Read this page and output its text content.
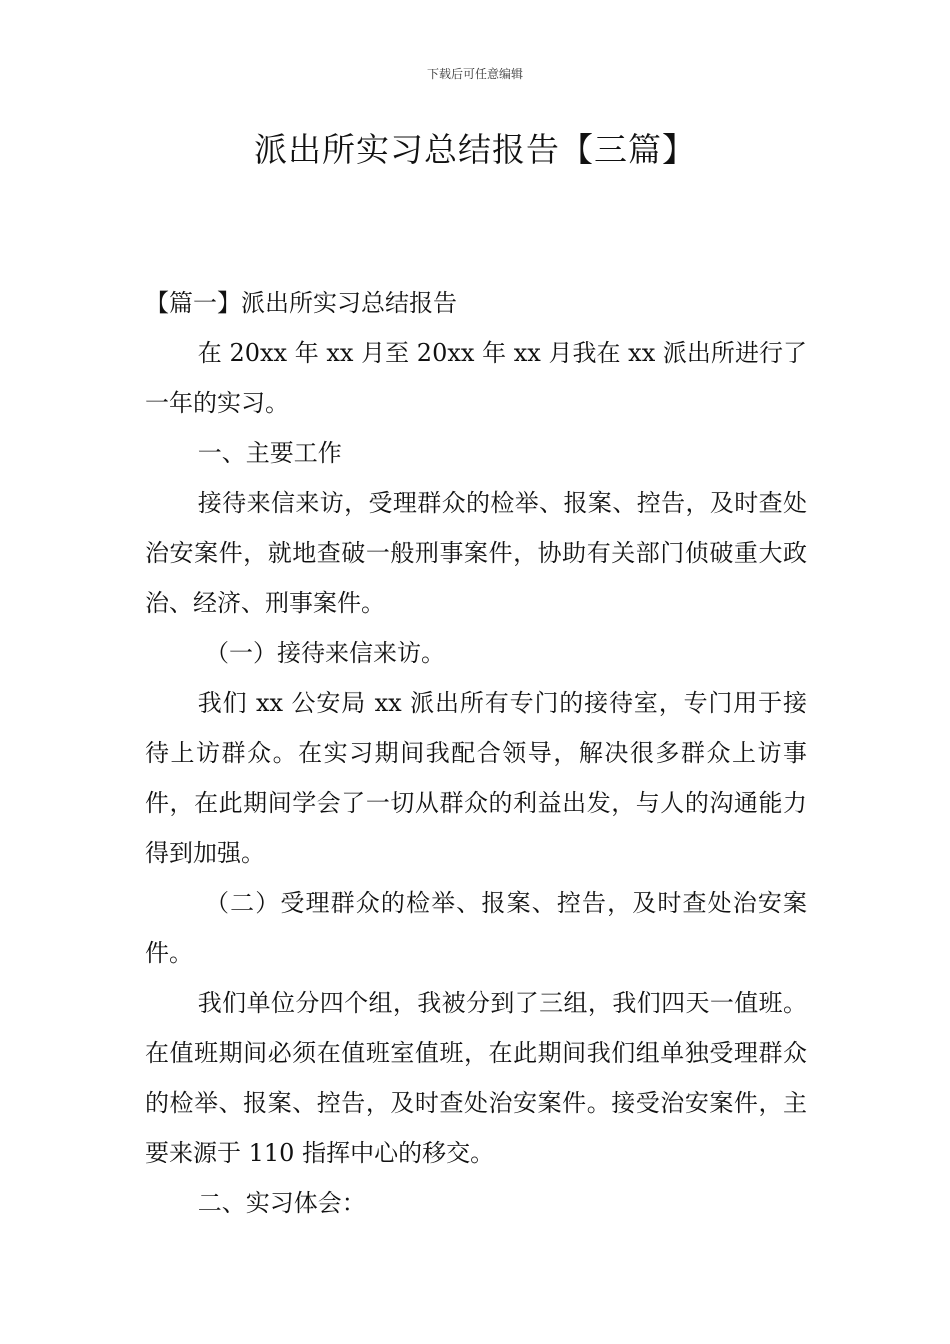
下载后可任意编辑
派出所实习总结报告【三篇】

【篇一】派出所实习总结报告

在 20xx 年 xx 月至 20xx 年 xx 月我在 xx 派出所进行了一年的实习。

一、主要工作

接待来信来访，受理群众的检举、报案、控告，及时查处治安案件，就地查破一般刑事案件，协助有关部门侦破重大政治、经济、刑事案件。

（一）接待来信来访。

我们 xx 公安局 xx 派出所有专门的接待室，专门用于接待上访群众。在实习期间我配合领导，解决很多群众上访事件，在此期间学会了一切从群众的利益出发，与人的沟通能力得到加强。

（二）受理群众的检举、报案、控告，及时查处治安案件。

我们单位分四个组，我被分到了三组，我们四天一值班。在值班期间必须在值班室值班，在此期间我们组单独受理群众的检举、报案、控告，及时查处治安案件。接受治安案件，主要来源于 110 指挥中心的移交。

二、实习体会：
